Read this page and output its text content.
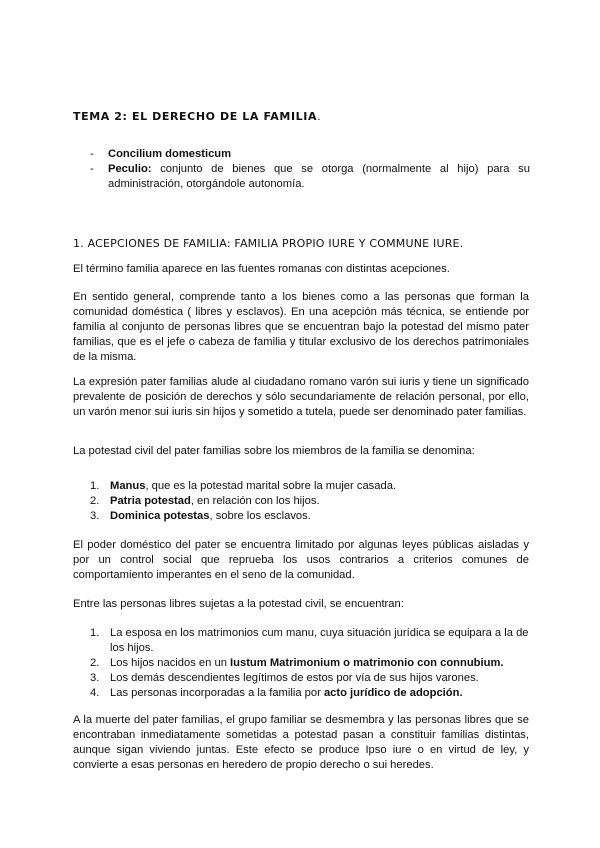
TEMA 2: EL DERECHO DE LA FAMILIA.
-	Concilium domesticum
-	Peculio: conjunto de bienes que se otorga (normalmente al hijo) para su administración, otorgándole autonomía.
1. ACEPCIONES DE FAMILIA: FAMILIA PROPIO IURE Y COMMUNE IURE.

El término familia aparece en las fuentes romanas con distintas acepciones.

En sentido general, comprende tanto a los bienes como a las personas que forman la comunidad doméstica ( libres y esclavos). En una acepción más técnica, se entiende por familia al conjunto de personas libres que se encuentran bajo la potestad del mismo pater familias, que es el jefe o cabeza de familia y titular exclusivo de los derechos patrimoniales de la misma.

La expresión pater familias alude al ciudadano romano varón sui iuris y tiene un significado prevalente de posición de derechos y sólo secundariamente de relación personal, por ello, un varón menor sui iuris sin hijos y sometido a tutela, puede ser denominado pater familias.

La potestad civil del pater familias sobre los miembros de la familia se denomina:

1. Manus, que es la potestad marital sobre la mujer casada.
2. Patria potestad, en relación con los hijos.
3. Dominica potestas, sobre los esclavos.

El poder doméstico del pater se encuentra limitado por algunas leyes públicas aisladas y por un control social que reprueba los usos contrarios a criterios comunes de comportamiento imperantes en el seno de la comunidad.

Entre las personas libres sujetas a la potestad civil, se encuentran:

1. La esposa en los matrimonios cum manu, cuya situación jurídica se equipara a la de los hijos.
2. Los hijos nacidos en un Iustum Matrimonium o matrimonio con connubium.
3. Los demás descendientes legítimos de estos por vía de sus hijos varones.
4. Las personas incorporadas a la familia por acto jurídico de adopción.

A la muerte del pater familias, el grupo familiar se desmembra y las personas libres que se encontraban inmediatamente sometidas a potestad pasan a constituir familias distintas, aunque sigan viviendo juntas. Este efecto se produce Ipso iure o en virtud de ley, y convierte a esas personas en heredero de propio derecho o sui heredes.
